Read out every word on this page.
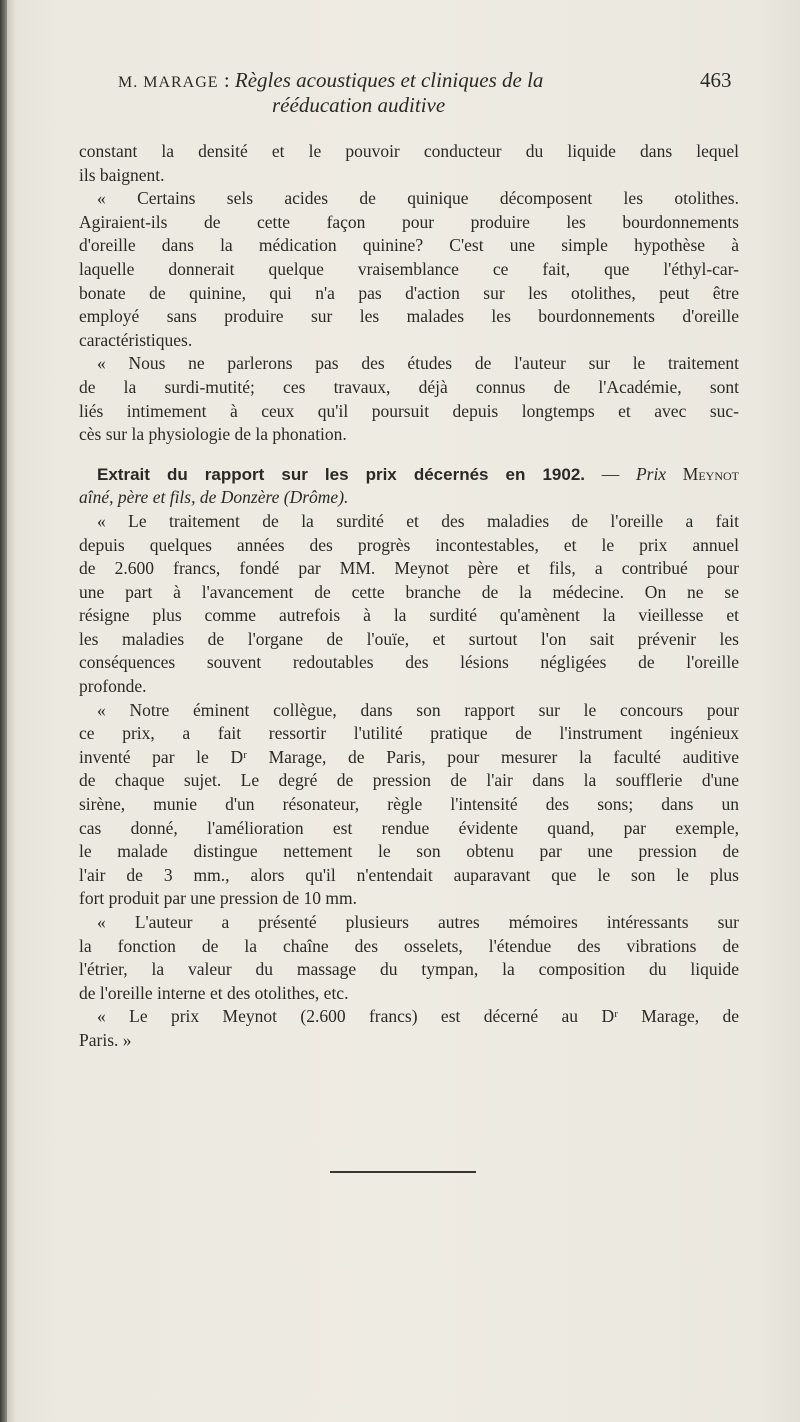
M. MARAGE : Règles acoustiques et cliniques de la
rééducation auditive
463
constant la densité et le pouvoir conducteur du liquide dans lequel
ils baignent.
« Certains sels acides de quinique décomposent les otolithes.
Agiraient-ils de cette façon pour produire les bourdonnements
d'oreille dans la médication quinine? C'est une simple hypothèse à
laquelle donnerait quelque vraisemblance ce fait, que l'éthyl-car-
bonate de quinine, qui n'a pas d'action sur les otolithes, peut être
employé sans produire sur les malades les bourdonnements d'oreille
caractéristiques.
« Nous ne parlerons pas des études de l'auteur sur le traitement
de la surdi-mutité; ces travaux, déjà connus de l'Académie, sont
liés intimement à ceux qu'il poursuit depuis longtemps et avec suc-
cès sur la physiologie de la phonation.
Extrait du rapport sur les prix décernés en 1902. — Prix Meynot
aîné, père et fils, de Donzère (Drôme).
« Le traitement de la surdité et des maladies de l'oreille a fait
depuis quelques années des progrès incontestables, et le prix annuel
de 2.600 francs, fondé par MM. Meynot père et fils, a contribué pour
une part à l'avancement de cette branche de la médecine. On ne se
résigne plus comme autrefois à la surdité qu'amènent la vieillesse et
les maladies de l'organe de l'ouïe, et surtout l'on sait prévenir les
conséquences souvent redoutables des lésions négligées de l'oreille
profonde.
« Notre éminent collègue, dans son rapport sur le concours pour
ce prix, a fait ressortir l'utilité pratique de l'instrument ingénieux
inventé par le Dʳ Marage, de Paris, pour mesurer la faculté auditive
de chaque sujet. Le degré de pression de l'air dans la soufflerie d'une
sirène, munie d'un résonateur, règle l'intensité des sons; dans un
cas donné, l'amélioration est rendue évidente quand, par exemple,
le malade distingue nettement le son obtenu par une pression de
l'air de 3 mm., alors qu'il n'entendait auparavant que le son le plus
fort produit par une pression de 10 mm.
« L'auteur a présenté plusieurs autres mémoires intéressants sur
la fonction de la chaîne des osselets, l'étendue des vibrations de
l'étrier, la valeur du massage du tympan, la composition du liquide
de l'oreille interne et des otolithes, etc.
« Le prix Meynot (2.600 francs) est décerné au Dʳ Marage, de
Paris. »
